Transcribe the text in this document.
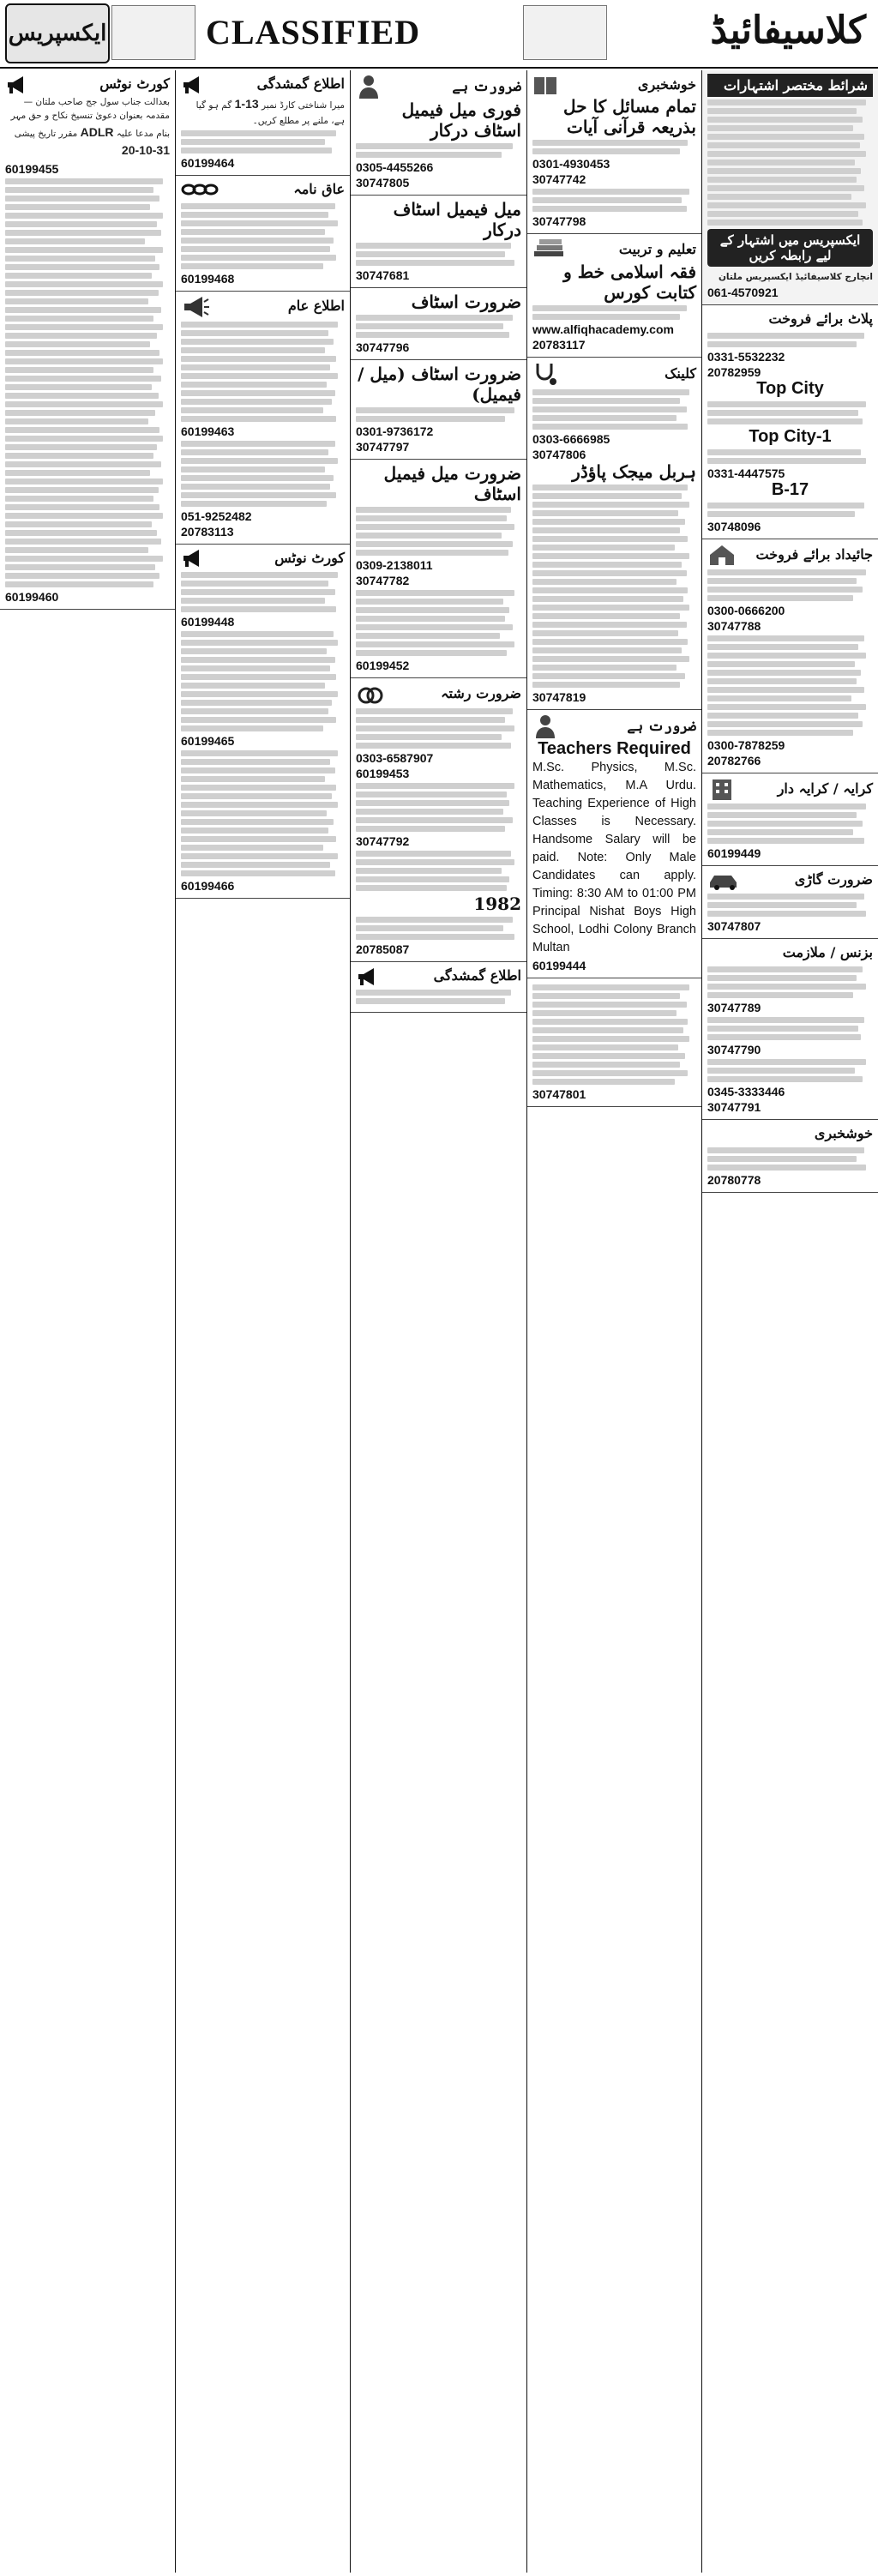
ایکسپریس	CLASSIFIED	کلاسیفائیڈ
کورٹ نوٹس
بعدالت جناب سول جج صاحب ملتان — مقدمہ بعنوان دعویٰ تنسیخ نکاح و حق مہر بنام مدعا علیہ ADLR مقرر تاریخ پیشی 31-10-20
60199455
60199460
اطلاع گمشدگی
میرا شناختی کارڈ نمبر 13-1 گم ہو گیا ہے، ملنے پر مطلع کریں۔
60199464
عاق نامہ
60199468
اطلاع عام
60199463
051-9252482
20783113
کورٹ نوٹس
60199448
60199465
60199466
ضرورت ہے
فوری میل فیمیل اسٹاف درکار
0305-4455266
30747805
میل فیمیل اسٹاف درکار
30747681
ضرورت اسٹاف
30747796
ضرورت اسٹاف (میل / فیمیل)
0301-9736172
30747797
ضرورت میل فیمیل اسٹاف
0309-2138011
30747782
60199452
ضرورت رشتہ
0303-6587907
60199453
30747792
1982
20785087
اطلاع گمشدگی
خوشخبری
تمام مسائل کا حل بذریعہ قرآنی آیات
0301-4930453
30747742
30747798
تعلیم و تربیت
فقہ اسلامی خط و کتابت کورس
www.alfiqhacademy.com
20783117
کلینک
0303-6666985
30747806
ہربل میجک پاؤڈر
30747819
ضرورت ہے
Teachers Required
M.Sc. Physics, M.Sc. Mathematics, M.A Urdu. Teaching Experience of High Classes is Necessary. Handsome Salary will be paid. Note: Only Male Candidates can apply. Timing: 8:30 AM to 01:00 PM Principal Nishat Boys High School, Lodhi Colony Branch Multan
60199444
30747801
شرائط مختصر اشتہارات
ایکسپریس میں اشتہار کے لیے رابطہ کریں
انچارج کلاسیفائیڈ ایکسپریس ملتان
061-4570921
پلاٹ برائے فروخت
0331-5532232
20782959
Top City
Top City-1
0331-4447575
B-17
30748096
جائیداد برائے فروخت
0300-0666200
30747788
0300-7878259
20782766
کرایہ / کرایہ دار
60199449
ضرورت گاڑی
30747807
بزنس / ملازمت
30747789
30747790
0345-3333446
30747791
خوشخبری
20780778
